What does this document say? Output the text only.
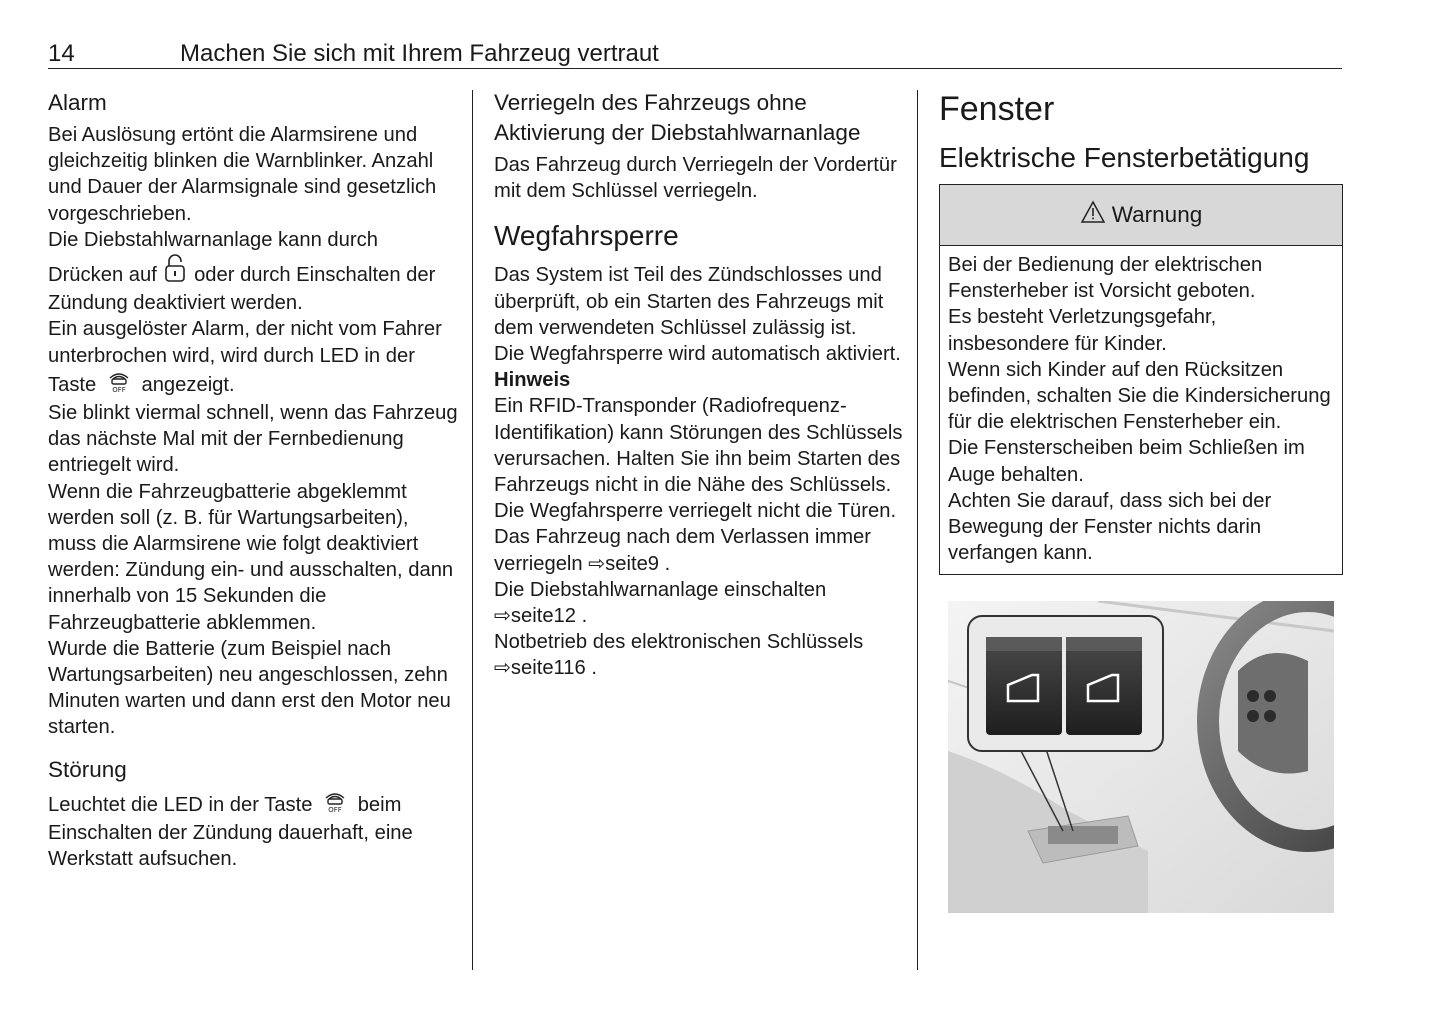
14	Machen Sie sich mit Ihrem Fahrzeug vertraut
Alarm

Bei Auslösung ertönt die Alarmsirene und gleichzeitig blinken die Warnblinker. Anzahl und Dauer der Alarmsignale sind gesetzlich vorgeschrieben.

Die Diebstahlwarnanlage kann durch Drücken auf oder durch Einschalten der Zündung deaktiviert werden.

Ein ausgelöster Alarm, der nicht vom Fahrer unterbrochen wird, wird durch LED in der Taste OFF angezeigt.

Sie blinkt viermal schnell, wenn das Fahrzeug das nächste Mal mit der Fernbedienung entriegelt wird.

Wenn die Fahrzeugbatterie abgeklemmt werden soll (z. B. für Wartungsarbeiten), muss die Alarmsirene wie folgt deaktiviert werden: Zündung ein- und ausschalten, dann innerhalb von 15 Sekunden die Fahrzeugbatterie abklemmen.

Wurde die Batterie (zum Beispiel nach Wartungsarbeiten) neu angeschlossen, zehn Minuten warten und dann erst den Motor neu starten.

Störung

Leuchtet die LED in der Taste OFF beim Einschalten der Zündung dauerhaft, eine Werkstatt aufsuchen.

Verriegeln des Fahrzeugs ohne Aktivierung der Diebstahlwarnanlage

Das Fahrzeug durch Verriegeln der Vordertür mit dem Schlüssel verriegeln.

Wegfahrsperre

Das System ist Teil des Zündschlosses und überprüft, ob ein Starten des Fahrzeugs mit dem verwendeten Schlüssel zulässig ist.

Die Wegfahrsperre wird automatisch aktiviert.

Hinweis

Ein RFID-Transponder (Radiofrequenz-Identifikation) kann Störungen des Schlüssels verursachen. Halten Sie ihn beim Starten des Fahrzeugs nicht in die Nähe des Schlüssels.

Die Wegfahrsperre verriegelt nicht die Türen. Das Fahrzeug nach dem Verlassen immer verriegeln ⇨seite9 .

Die Diebstahlwarnanlage einschalten ⇨seite12 .

Notbetrieb des elektronischen Schlüssels ⇨seite116 .

Fenster
Elektrische Fensterbetätigung
Warnung

Bei der Bedienung der elektrischen Fensterheber ist Vorsicht geboten.

Es besteht Verletzungsgefahr, insbesondere für Kinder.

Wenn sich Kinder auf den Rücksitzen befinden, schalten Sie die Kindersicherung für die elektrischen Fensterheber ein.

Die Fensterscheiben beim Schließen im Auge behalten.

Achten Sie darauf, dass sich bei der Bewegung der Fenster nichts darin verfangen kann.
